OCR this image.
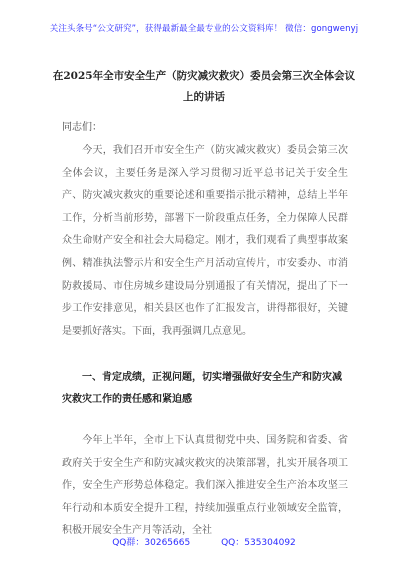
关注头条号“公文研究”，获得最新最全最专业的公文资料库！ 微信：gongwenyj
在2025年全市安全生产（防灾减灾救灾）委员会第三次全体会议上的讲话
同志们：
今天，我们召开市安全生产（防灾减灾救灾）委员会第三次全体会议，主要任务是深入学习贯彻习近平总书记关于安全生产、防灾减灾救灾的重要论述和重要指示批示精神，总结上半年工作，分析当前形势，部署下一阶段重点任务，全力保障人民群众生命财产安全和社会大局稳定。刚才，我们观看了典型事故案例、精准执法警示片和安全生产月活动宣传片，市安委办、市消防救援局、市住房城乡建设局分别通报了有关情况，提出了下一步工作安排意见，相关县区也作了汇报发言，讲得都很好，关键是要抓好落实。下面，我再强调几点意见。
一、肯定成绩，正视问题，切实增强做好安全生产和防灾减灾救灾工作的责任感和紧迫感
今年上半年，全市上下认真贯彻党中央、国务院和省委、省政府关于安全生产和防灾减灾救灾的决策部署，扎实开展各项工作，安全生产形势总体稳定。我们深入推进安全生产治本攻坚三年行动和本质安全提升工程，持续加强重点行业领域安全监管，积极开展安全生产月等活动，全社
QQ群：30265665	QQ：535304092
